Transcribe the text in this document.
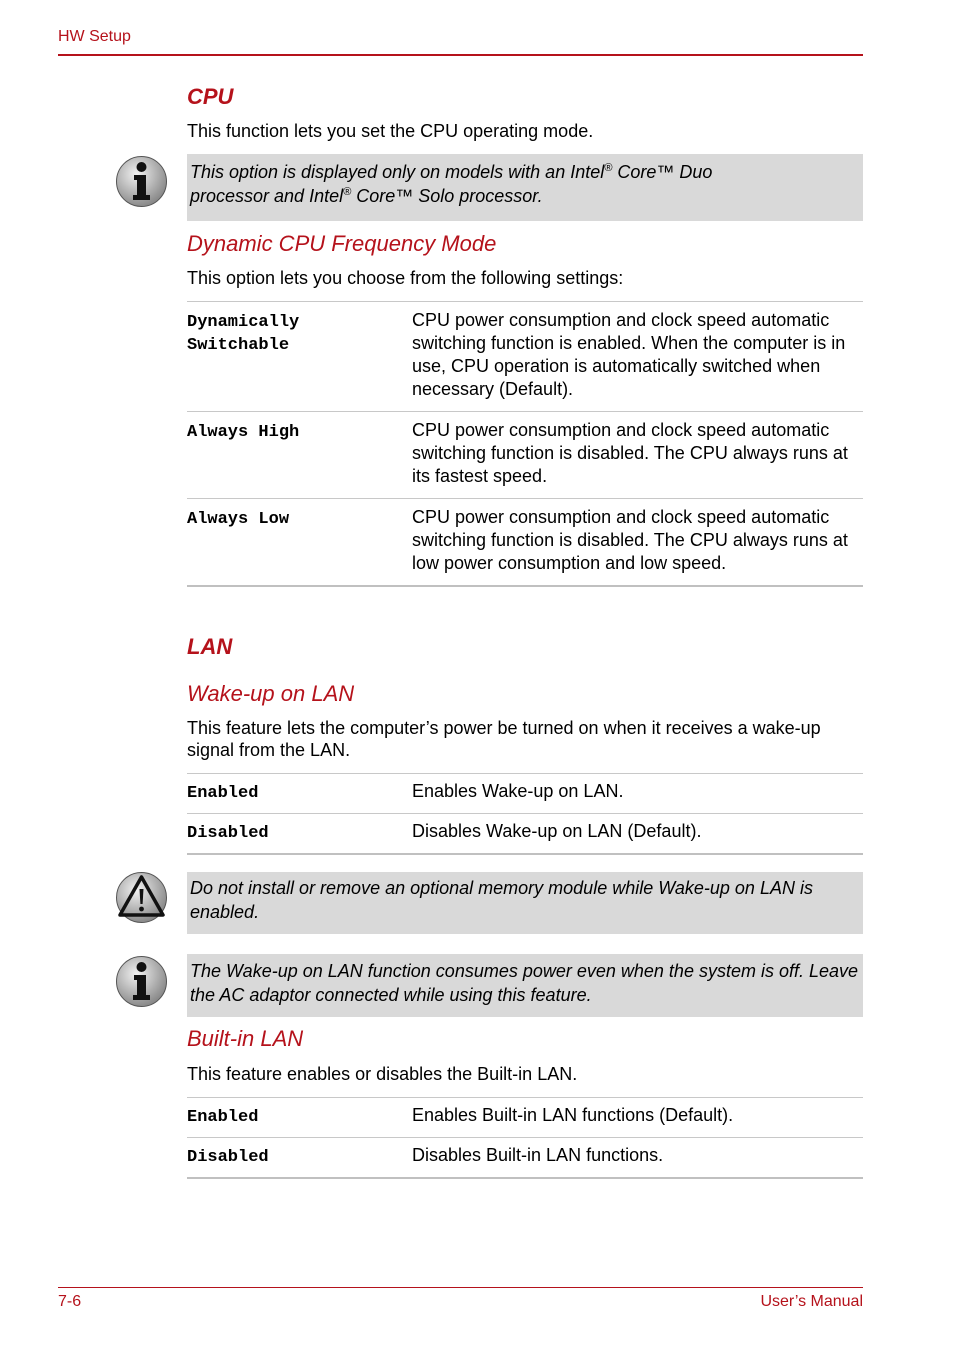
HW Setup
CPU
This function lets you set the CPU operating mode.
This option is displayed only on models with an Intel® Core™ Duo
processor and Intel® Core™ Solo processor.
Dynamic CPU Frequency Mode
This option lets you choose from the following settings:
Dynamically
Switchable	CPU power consumption and clock speed automatic switching function is enabled. When the computer is in use, CPU operation is automatically switched when necessary (Default).
Always High	CPU power consumption and clock speed automatic switching function is disabled. The CPU always runs at its fastest speed.
Always Low	CPU power consumption and clock speed automatic switching function is disabled. The CPU always runs at low power consumption and low speed.
LAN
Wake-up on LAN
This feature lets the computer’s power be turned on when it receives a wake-up signal from the LAN.
Enabled	Enables Wake-up on LAN.
Disabled	Disables Wake-up on LAN (Default).
Do not install or remove an optional memory module while Wake-up on LAN is enabled.
The Wake-up on LAN function consumes power even when the system is off. Leave the AC adaptor connected while using this feature.
Built-in LAN
This feature enables or disables the Built-in LAN.
Enabled	Enables Built-in LAN functions (Default).
Disabled	Disables Built-in LAN functions.
7-6	User’s Manual
